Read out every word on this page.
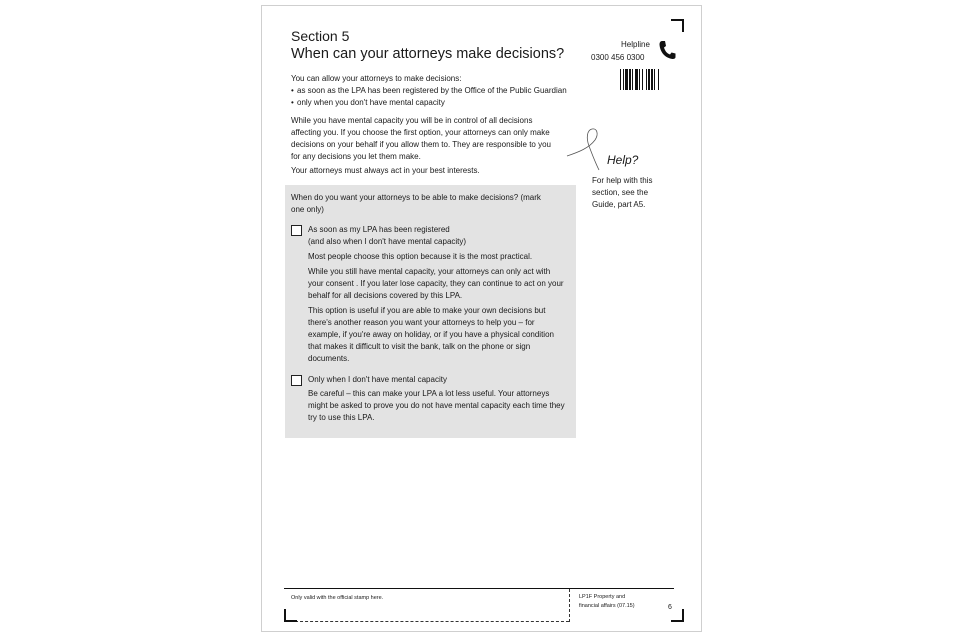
Section 5
When can your attorneys make decisions?
You can allow your attorneys to make decisions:
• as soon as the LPA has been registered by the Office of the Public Guardian
• only when you don't have mental capacity
While you have mental capacity you will be in control of all decisions affecting you. If you choose the first option, your attorneys can only make decisions on your behalf if you allow them to. They are responsible to you for any decisions you let them make.
Your attorneys must always act in your best interests.
Helpline
0300 456 0300
Help?
For help with this section, see the Guide, part A5.
When do you want your attorneys to be able to make decisions? (mark one only)
As soon as my LPA has been registered
(and also when I don't have mental capacity)
Most people choose this option because it is the most practical.
While you still have mental capacity, your attorneys can only act with your consent . If you later lose capacity, they can continue to act on your behalf for all decisions covered by this LPA.
This option is useful if you are able to make your own decisions but there's another reason you want your attorneys to help you – for example, if you're away on holiday, or if you have a physical condition that makes it difficult to visit the bank, talk on the phone or sign documents.
Only when I don't have mental capacity
Be careful – this can make your LPA a lot less useful. Your attorneys might be asked to prove you do not have mental capacity each time they try to use this LPA.
Only valid with the official stamp here.	LP1F Property and financial affairs (07.15)	6
